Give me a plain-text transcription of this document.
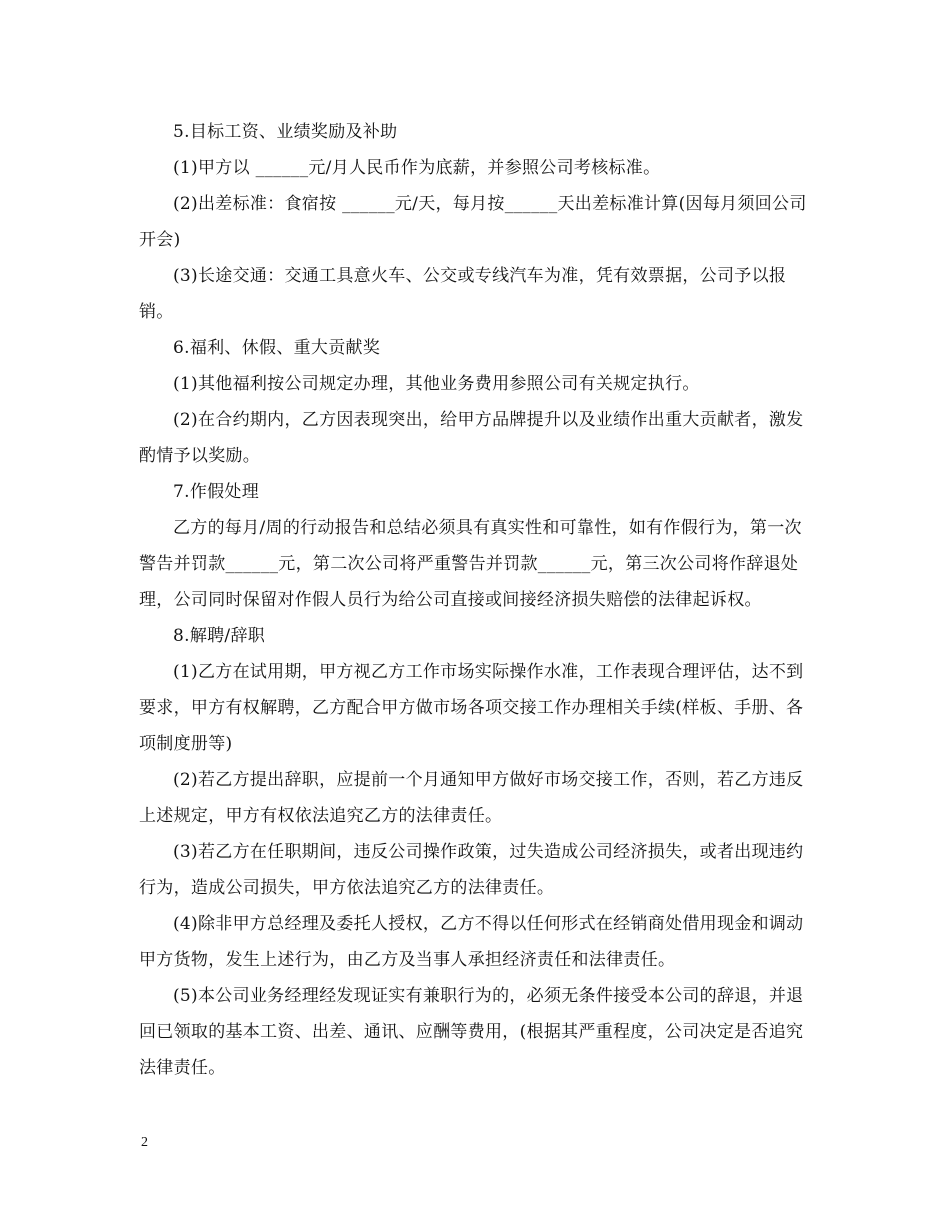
5.目标工资、业绩奖励及补助

(1)甲方以 ______元/月人民币作为底薪，并参照公司考核标准。

(2)出差标准：食宿按 ______元/天，每月按______天出差标准计算(因每月须回公司开会)

(3)长途交通：交通工具意火车、公交或专线汽车为准，凭有效票据，公司予以报销。

6.福利、休假、重大贡献奖

(1)其他福利按公司规定办理，其他业务费用参照公司有关规定执行。

(2)在合约期内，乙方因表现突出，给甲方品牌提升以及业绩作出重大贡献者，激发酌情予以奖励。

7.作假处理

乙方的每月/周的行动报告和总结必须具有真实性和可靠性，如有作假行为，第一次警告并罚款______元，第二次公司将严重警告并罚款______元，第三次公司将作辞退处理，公司同时保留对作假人员行为给公司直接或间接经济损失赔偿的法律起诉权。

8.解聘/辞职

(1)乙方在试用期，甲方视乙方工作市场实际操作水准，工作表现合理评估，达不到要求，甲方有权解聘，乙方配合甲方做市场各项交接工作办理相关手续(样板、手册、各项制度册等)

(2)若乙方提出辞职，应提前一个月通知甲方做好市场交接工作，否则，若乙方违反上述规定，甲方有权依法追究乙方的法律责任。

(3)若乙方在任职期间，违反公司操作政策，过失造成公司经济损失，或者出现违约行为，造成公司损失，甲方依法追究乙方的法律责任。

(4)除非甲方总经理及委托人授权，乙方不得以任何形式在经销商处借用现金和调动甲方货物，发生上述行为，由乙方及当事人承担经济责任和法律责任。

(5)本公司业务经理经发现证实有兼职行为的，必须无条件接受本公司的辞退，并退回已领取的基本工资、出差、通讯、应酬等费用，(根据其严重程度，公司决定是否追究法律责任。

2
